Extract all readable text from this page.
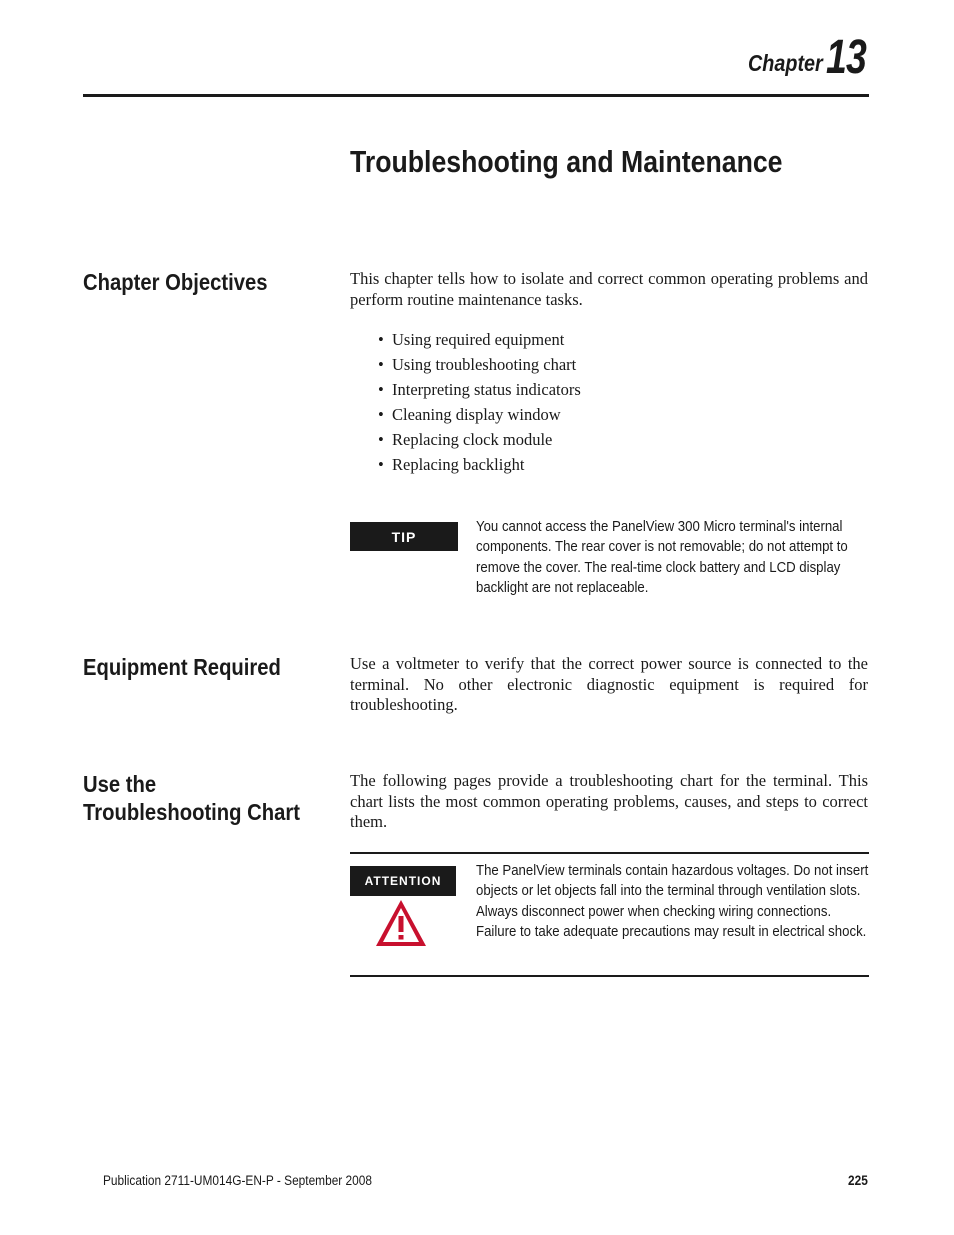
Chapter 13
Troubleshooting and Maintenance
Chapter Objectives	This chapter tells how to isolate and correct common operating problems and perform routine maintenance tasks.
• Using required equipment
• Using troubleshooting chart
• Interpreting status indicators
• Cleaning display window
• Replacing clock module
• Replacing backlight
TIP
You cannot access the PanelView 300 Micro terminal's internal components. The rear cover is not removable; do not attempt to remove the cover. The real-time clock battery and LCD display backlight are not replaceable.
Equipment Required	Use a voltmeter to verify that the correct power source is connected to the terminal. No other electronic diagnostic equipment is required for troubleshooting.
Use the Troubleshooting Chart
The following pages provide a troubleshooting chart for the terminal. This chart lists the most common operating problems, causes, and steps to correct them.
ATTENTION
The PanelView terminals contain hazardous voltages. Do not insert objects or let objects fall into the terminal through ventilation slots. Always disconnect power when checking wiring connections. Failure to take adequate precautions may result in electrical shock.
Publication 2711-UM014G-EN-P - September 2008	225
